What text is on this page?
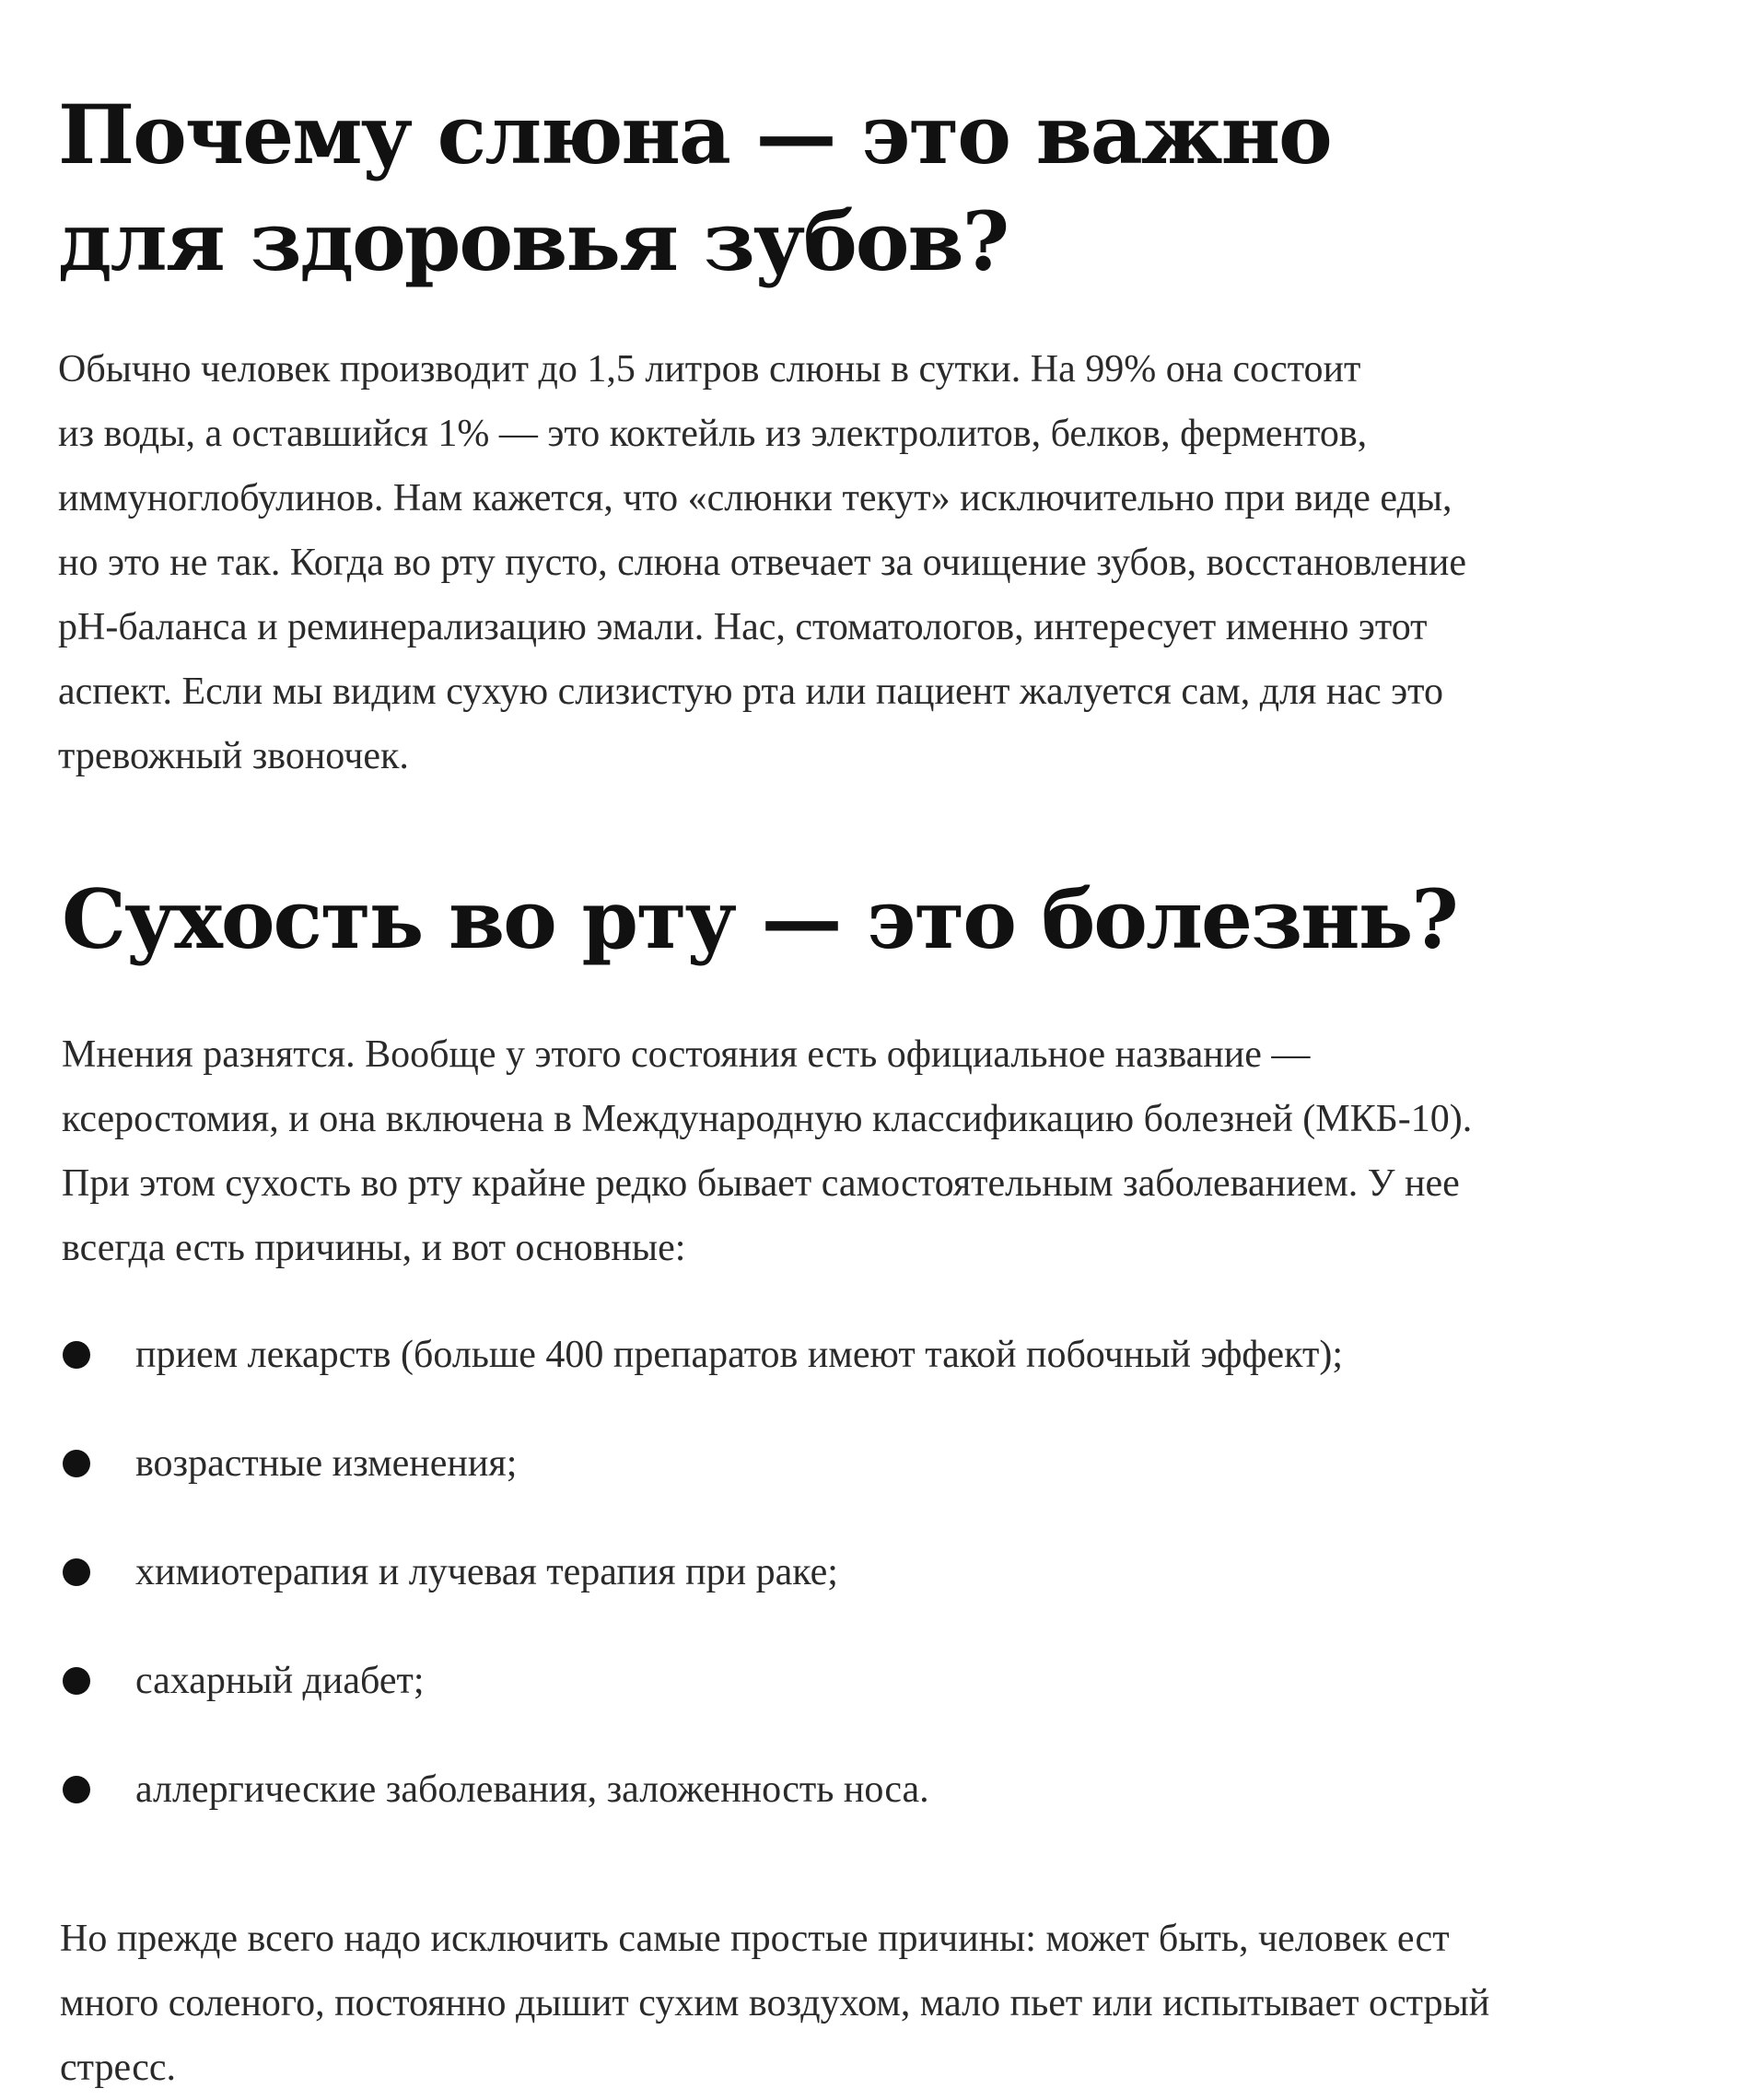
Почему слюна — это важно
для здоровья зубов?

Обычно человек производит до 1,5 литров слюны в сутки. На 99% она состоит
из воды, а оставшийся 1% — это коктейль из электролитов, белков, ферментов,
иммуноглобулинов. Нам кажется, что «слюнки текут» исключительно при виде еды,
но это не так. Когда во рту пусто, слюна отвечает за очищение зубов, восстановление
pH-баланса и реминерализацию эмали. Нас, стоматологов, интересует именно этот
аспект. Если мы видим сухую слизистую рта или пациент жалуется сам, для нас это
тревожный звоночек.

Сухость во рту — это болезнь?

Мнения разнятся. Вообще у этого состояния есть официальное название —
ксеростомия, и она включена в Международную классификацию болезней (МКБ-10).
При этом сухость во рту крайне редко бывает самостоятельным заболеванием. У нее
всегда есть причины, и вот основные:

прием лекарств (больше 400 препаратов имеют такой побочный эффект);
возрастные изменения;
химиотерапия и лучевая терапия при раке;
сахарный диабет;
аллергические заболевания, заложенность носа.

Но прежде всего надо исключить самые простые причины: может быть, человек ест
много соленого, постоянно дышит сухим воздухом, мало пьет или испытывает острый
стресс.
